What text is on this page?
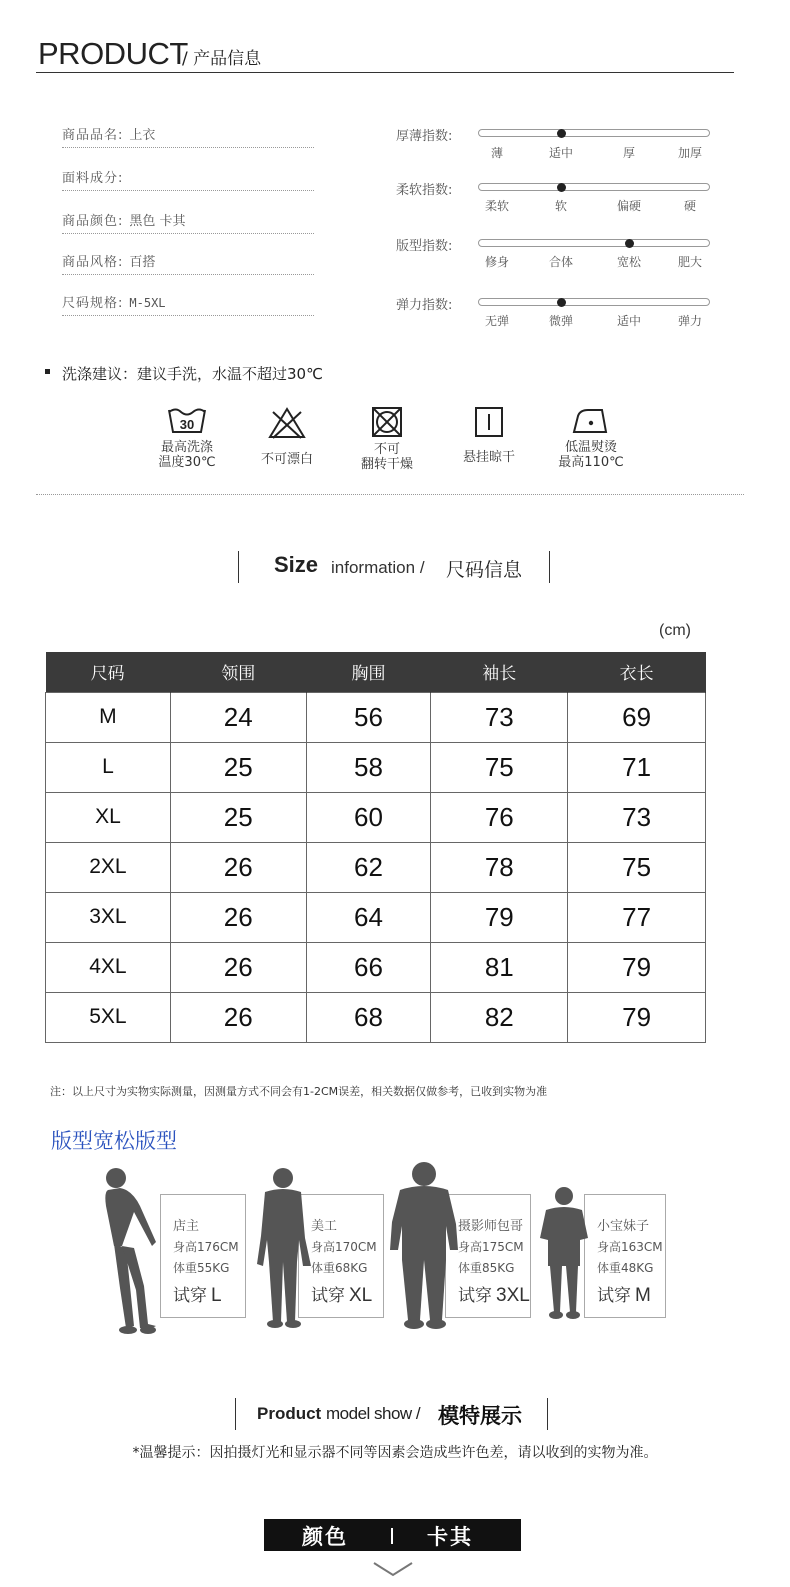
PRODUCT
/ 产品信息
商品品名: 上衣
面料成分:
商品颜色: 黑色 卡其
商品风格: 百搭
尺码规格: M-5XL
厚薄指数:
薄	适中	厚	加厚
柔软指数:
柔软	软	偏硬	硬
版型指数:
修身	合体	宽松	肥大
弹力指数:
无弹	微弹	适中	弹力
洗涤建议：建议手洗，水温不超过30℃
30
最高洗涤
温度30℃	不可漂白
不可
翻转干燥	悬挂晾干
低温熨烫
最高110℃
Size information / 尺码信息
(cm)
尺码	领围	胸围	袖长	衣长
M	24	56	73	69
L	25	58	75	71
XL	25	60	76	73
2XL	26	62	78	75
3XL	26	64	79	77
4XL	26	66	81	79
5XL	26	68	82	79
注：以上尺寸为实物实际测量，因测量方式不同会有1-2CM误差，相关数据仅做参考，已收到实物为准
版型宽松版型
店主
身高176CM
体重55KG
试穿 L
美工
身高170CM
体重68KG
试穿 XL
摄影师包哥
身高175CM
体重85KG
试穿 3XL
小宝妹子
身高163CM
体重48KG
试穿 M
Product model show / 模特展示
*温馨提示：因拍摄灯光和显示器不同等因素会造成些许色差，请以收到的实物为准。
颜色	卡其
